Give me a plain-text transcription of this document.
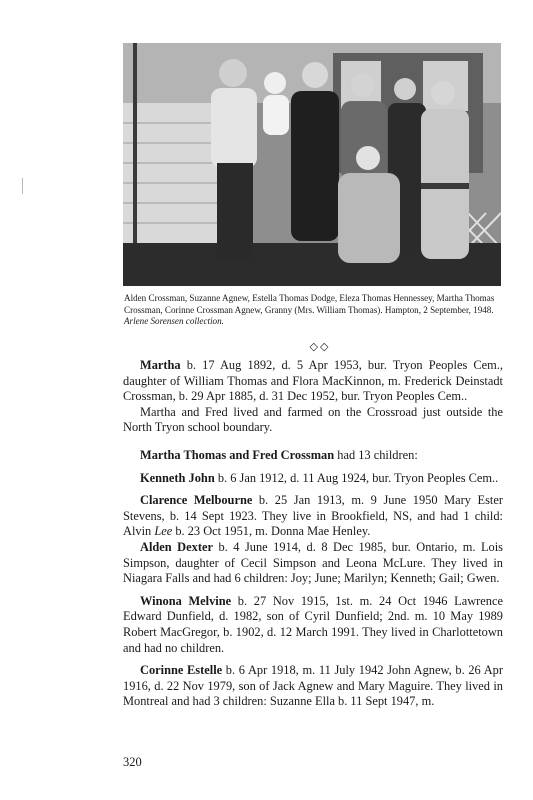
Alden Crossman, Suzanne Agnew, Estella Thomas Dodge, Eleza Thomas Hennessey, Martha Thomas Crossman, Corinne Crossman Agnew, Granny (Mrs. William Thomas). Hampton, 2 September, 1948. Arlene Sorensen collection.

◇◇

Martha b. 17 Aug 1892, d. 5 Apr 1953, bur. Tryon Peoples Cem., daughter of William Thomas and Flora MacKinnon, m. Frederick Deinstadt Crossman, b. 29 Apr 1885, d. 31 Dec 1952, bur. Tryon Peoples Cem..

Martha and Fred lived and farmed on the Crossroad just outside the North Tryon school boundary.

Martha Thomas and Fred Crossman had 13 children:

Kenneth John b. 6 Jan 1912, d. 11 Aug 1924, bur. Tryon Peoples Cem..

Clarence Melbourne b. 25 Jan 1913, m. 9 June 1950 Mary Ester Stevens, b. 14 Sept 1923. They live in Brookfield, NS, and had 1 child: Alvin Lee b. 23 Oct 1951, m. Donna Mae Henley.

Alden Dexter b. 4 June 1914, d. 8 Dec 1985, bur. Ontario, m. Lois Simpson, daughter of Cecil Simpson and Leona McLure. They lived in Niagara Falls and had 6 children: Joy; June; Marilyn; Kenneth; Gail; Gwen.

Winona Melvine b. 27 Nov 1915, 1st. m. 24 Oct 1946 Lawrence Edward Dunfield, d. 1982, son of Cyril Dunfield; 2nd. m. 10 May 1989 Robert MacGregor, b. 1902, d. 12 March 1991. They lived in Charlottetown and had no children.

Corinne Estelle b. 6 Apr 1918, m. 11 July 1942 John Agnew, b. 26 Apr 1916, d. 22 Nov 1979, son of Jack Agnew and Mary Maguire. They lived in Montreal and had 3 children: Suzanne Ella b. 11 Sept 1947, m.

320
